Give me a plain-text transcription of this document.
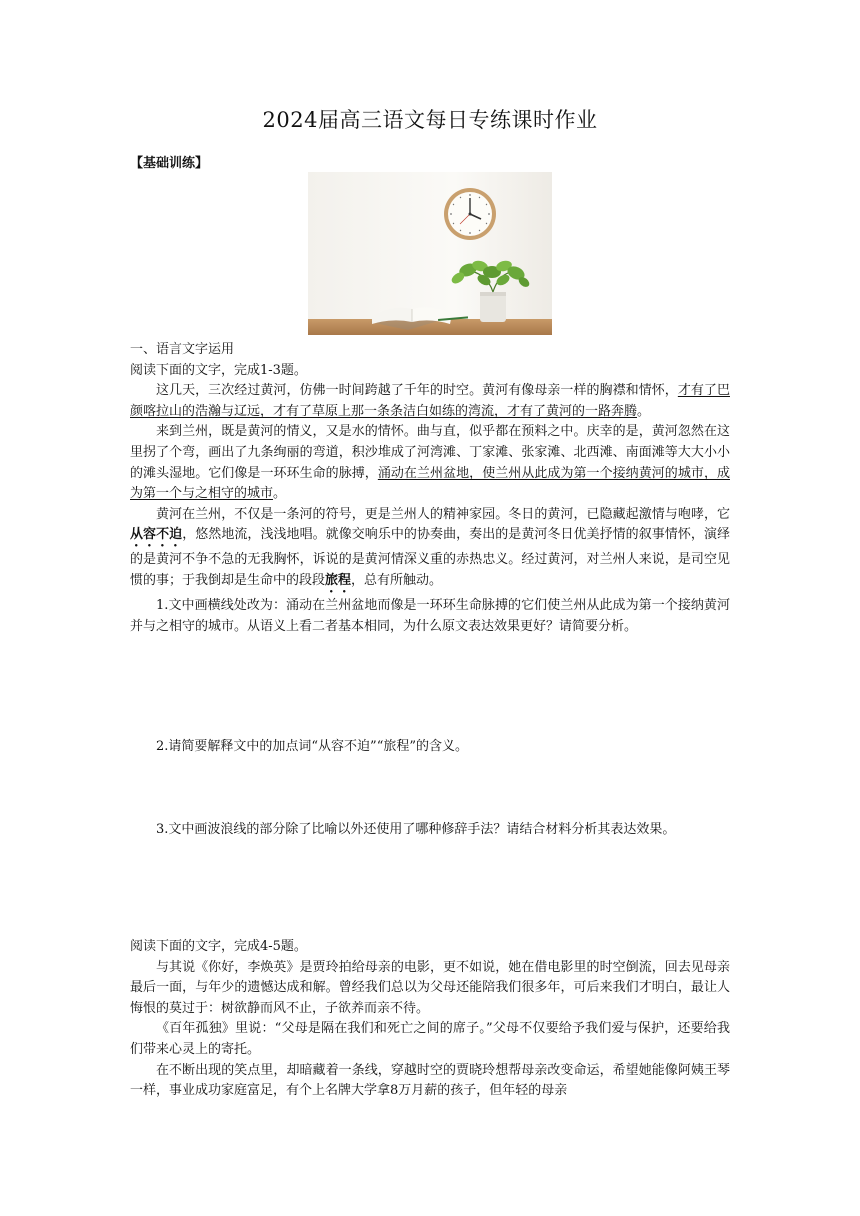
2024届高三语文每日专练课时作业
【基础训练】

一、语言文字运用

阅读下面的文字，完成1-3题。

这几天，三次经过黄河，仿佛一时间跨越了千年的时空。黄河有像母亲一样的胸襟和情怀，才有了巴颜喀拉山的浩瀚与辽远，才有了草原上那一条条洁白如练的湾流，才有了黄河的一路奔腾。

来到兰州，既是黄河的情义，又是水的情怀。曲与直，似乎都在预料之中。庆幸的是，黄河忽然在这里拐了个弯，画出了九条绚丽的弯道，积沙堆成了河湾滩、丁家滩、张家滩、北西滩、南面滩等大大小小的滩头湿地。它们像是一环环生命的脉搏，涌动在兰州盆地，使兰州从此成为第一个接纳黄河的城市，成为第一个与之相守的城市。

黄河在兰州，不仅是一条河的符号，更是兰州人的精神家园。冬日的黄河，已隐藏起激情与咆哮，它从容不迫，悠然地流，浅浅地唱。就像交响乐中的协奏曲，奏出的是黄河冬日优美抒情的叙事情怀，演绎的是黄河不争不急的无我胸怀，诉说的是黄河情深义重的赤热忠义。经过黄河，对兰州人来说，是司空见惯的事；于我倒却是生命中的段段旅程，总有所触动。

1.文中画横线处改为：涌动在兰州盆地而像是一环环生命脉搏的它们使兰州从此成为第一个接纳黄河并与之相守的城市。从语义上看二者基本相同，为什么原文表达效果更好？请简要分析。

2.请简要解释文中的加点词“从容不迫”“旅程”的含义。

3.文中画波浪线的部分除了比喻以外还使用了哪种修辞手法？请结合材料分析其表达效果。

阅读下面的文字，完成4-5题。

与其说《你好，李焕英》是贾玲拍给母亲的电影，更不如说，她在借电影里的时空倒流，回去见母亲最后一面，与年少的遗憾达成和解。曾经我们总以为父母还能陪我们很多年，可后来我们才明白，最让人悔恨的莫过于：树欲静而风不止，子欲养而亲不待。

《百年孤独》里说：“父母是隔在我们和死亡之间的席子。”父母不仅要给予我们爱与保护，还要给我们带来心灵上的寄托。

在不断出现的笑点里，却暗藏着一条线，穿越时空的贾晓玲想帮母亲改变命运，希望她能像阿姨王琴一样，事业成功家庭富足，有个上名牌大学拿8万月薪的孩子，但年轻的母亲
